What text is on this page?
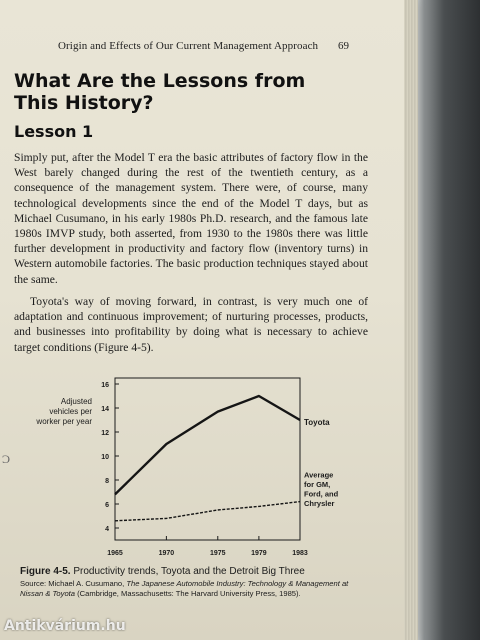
Origin and Effects of Our Current Management Approach	69
What Are the Lessons from
This History?
Lesson 1
Simply put, after the Model T era the basic attributes of factory flow in the West barely changed during the rest of the twentieth century, as a consequence of the management system. There were, of course, many technological developments since the end of the Model T days, but as Michael Cusumano, in his early 1980s Ph.D. research, and the famous late 1980s IMVP study, both asserted, from 1930 to the 1980s there was little further development in productivity and factory flow (inventory turns) in Western automobile factories. The basic production techniques stayed about the same.
Toyota's way of moving forward, in contrast, is very much one of adaptation and continuous improvement; of nurturing processes, products, and businesses into profitability by doing what is necessary to achieve target conditions (Figure 4-5).
Ɔ
4
6
8
10
12
14
16
1965	1970	1975	1979	1983
Adjusted
vehicles per
worker per year	Toyota
Average
for GM,
Ford, and
Chrysler
Figure 4-5. Productivity trends, Toyota and the Detroit Big Three
Source: Michael A. Cusumano, The Japanese Automobile Industry: Technology & Management at Nissan & Toyota (Cambridge, Massachusetts: The Harvard University Press, 1985).
Antikvárium.hu
